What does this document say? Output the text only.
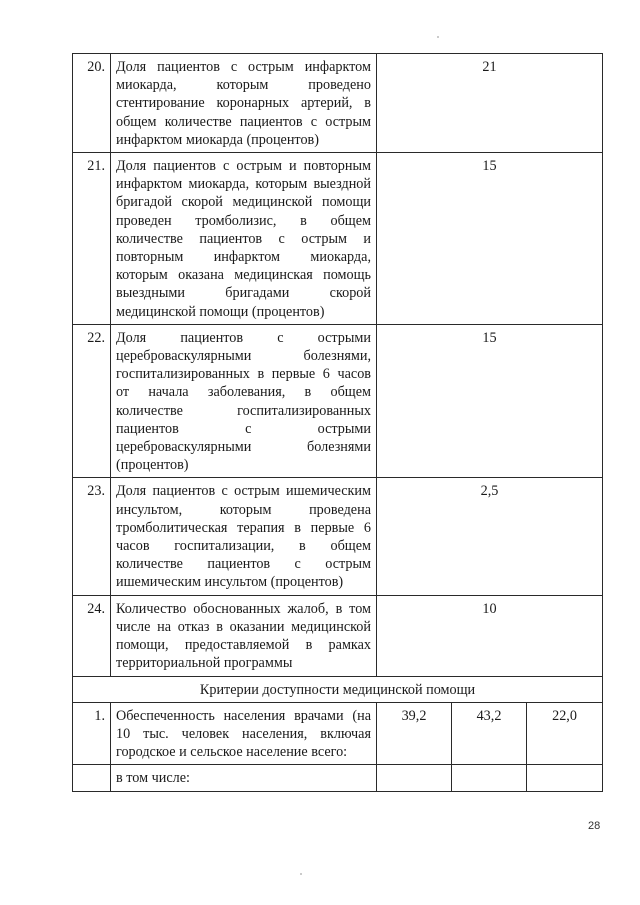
20.	Доля пациентов с острым инфарктом миокарда, которым проведено стентирование коронарных артерий, в общем количестве пациентов с острым инфарктом миокарда (процентов)	21		
21.	Доля пациентов с острым и повторным инфарктом миокарда, которым выездной бригадой скорой медицинской помощи проведен тромболизис, в общем количестве пациентов с острым и повторным инфарктом миокарда, которым оказана медицинская помощь выездными бригадами скорой медицинской помощи (процентов)	15		
22.	Доля пациентов с острыми цереброваскулярными болезнями, госпитализированных в первые 6 часов от начала заболевания, в общем количестве госпитализированных пациентов с острыми цереброваскулярными болезнями (процентов)	15		
23.	Доля пациентов с острым ишемическим инсультом, которым проведена тромболитическая терапия в первые 6 часов госпитализации, в общем количестве пациентов с острым ишемическим инсультом (процентов)	2,5		
24.	Количество обоснованных жалоб, в том числе на отказ в оказании медицинской помощи, предоставляемой в рамках территориальной программы	10		
Критерии доступности медицинской помощи				
1.	Обеспеченность населения врачами (на 10 тыс. человек населения, включая городское и сельское население всего:	39,2	43,2	22,0
	в том числе:			
28
